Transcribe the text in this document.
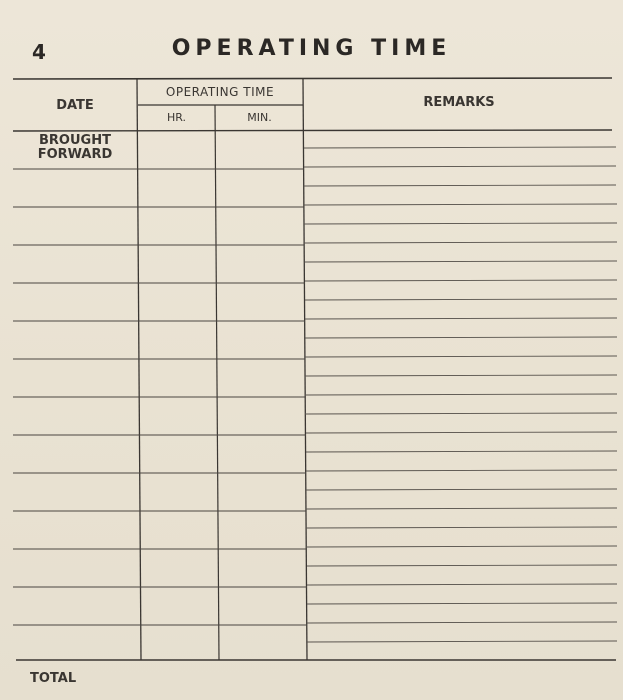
4	OPERATING TIME
DATE
OPERATING TIME
HR.	MIN.
REMARKS
BROUGHT FORWARD
TOTAL
